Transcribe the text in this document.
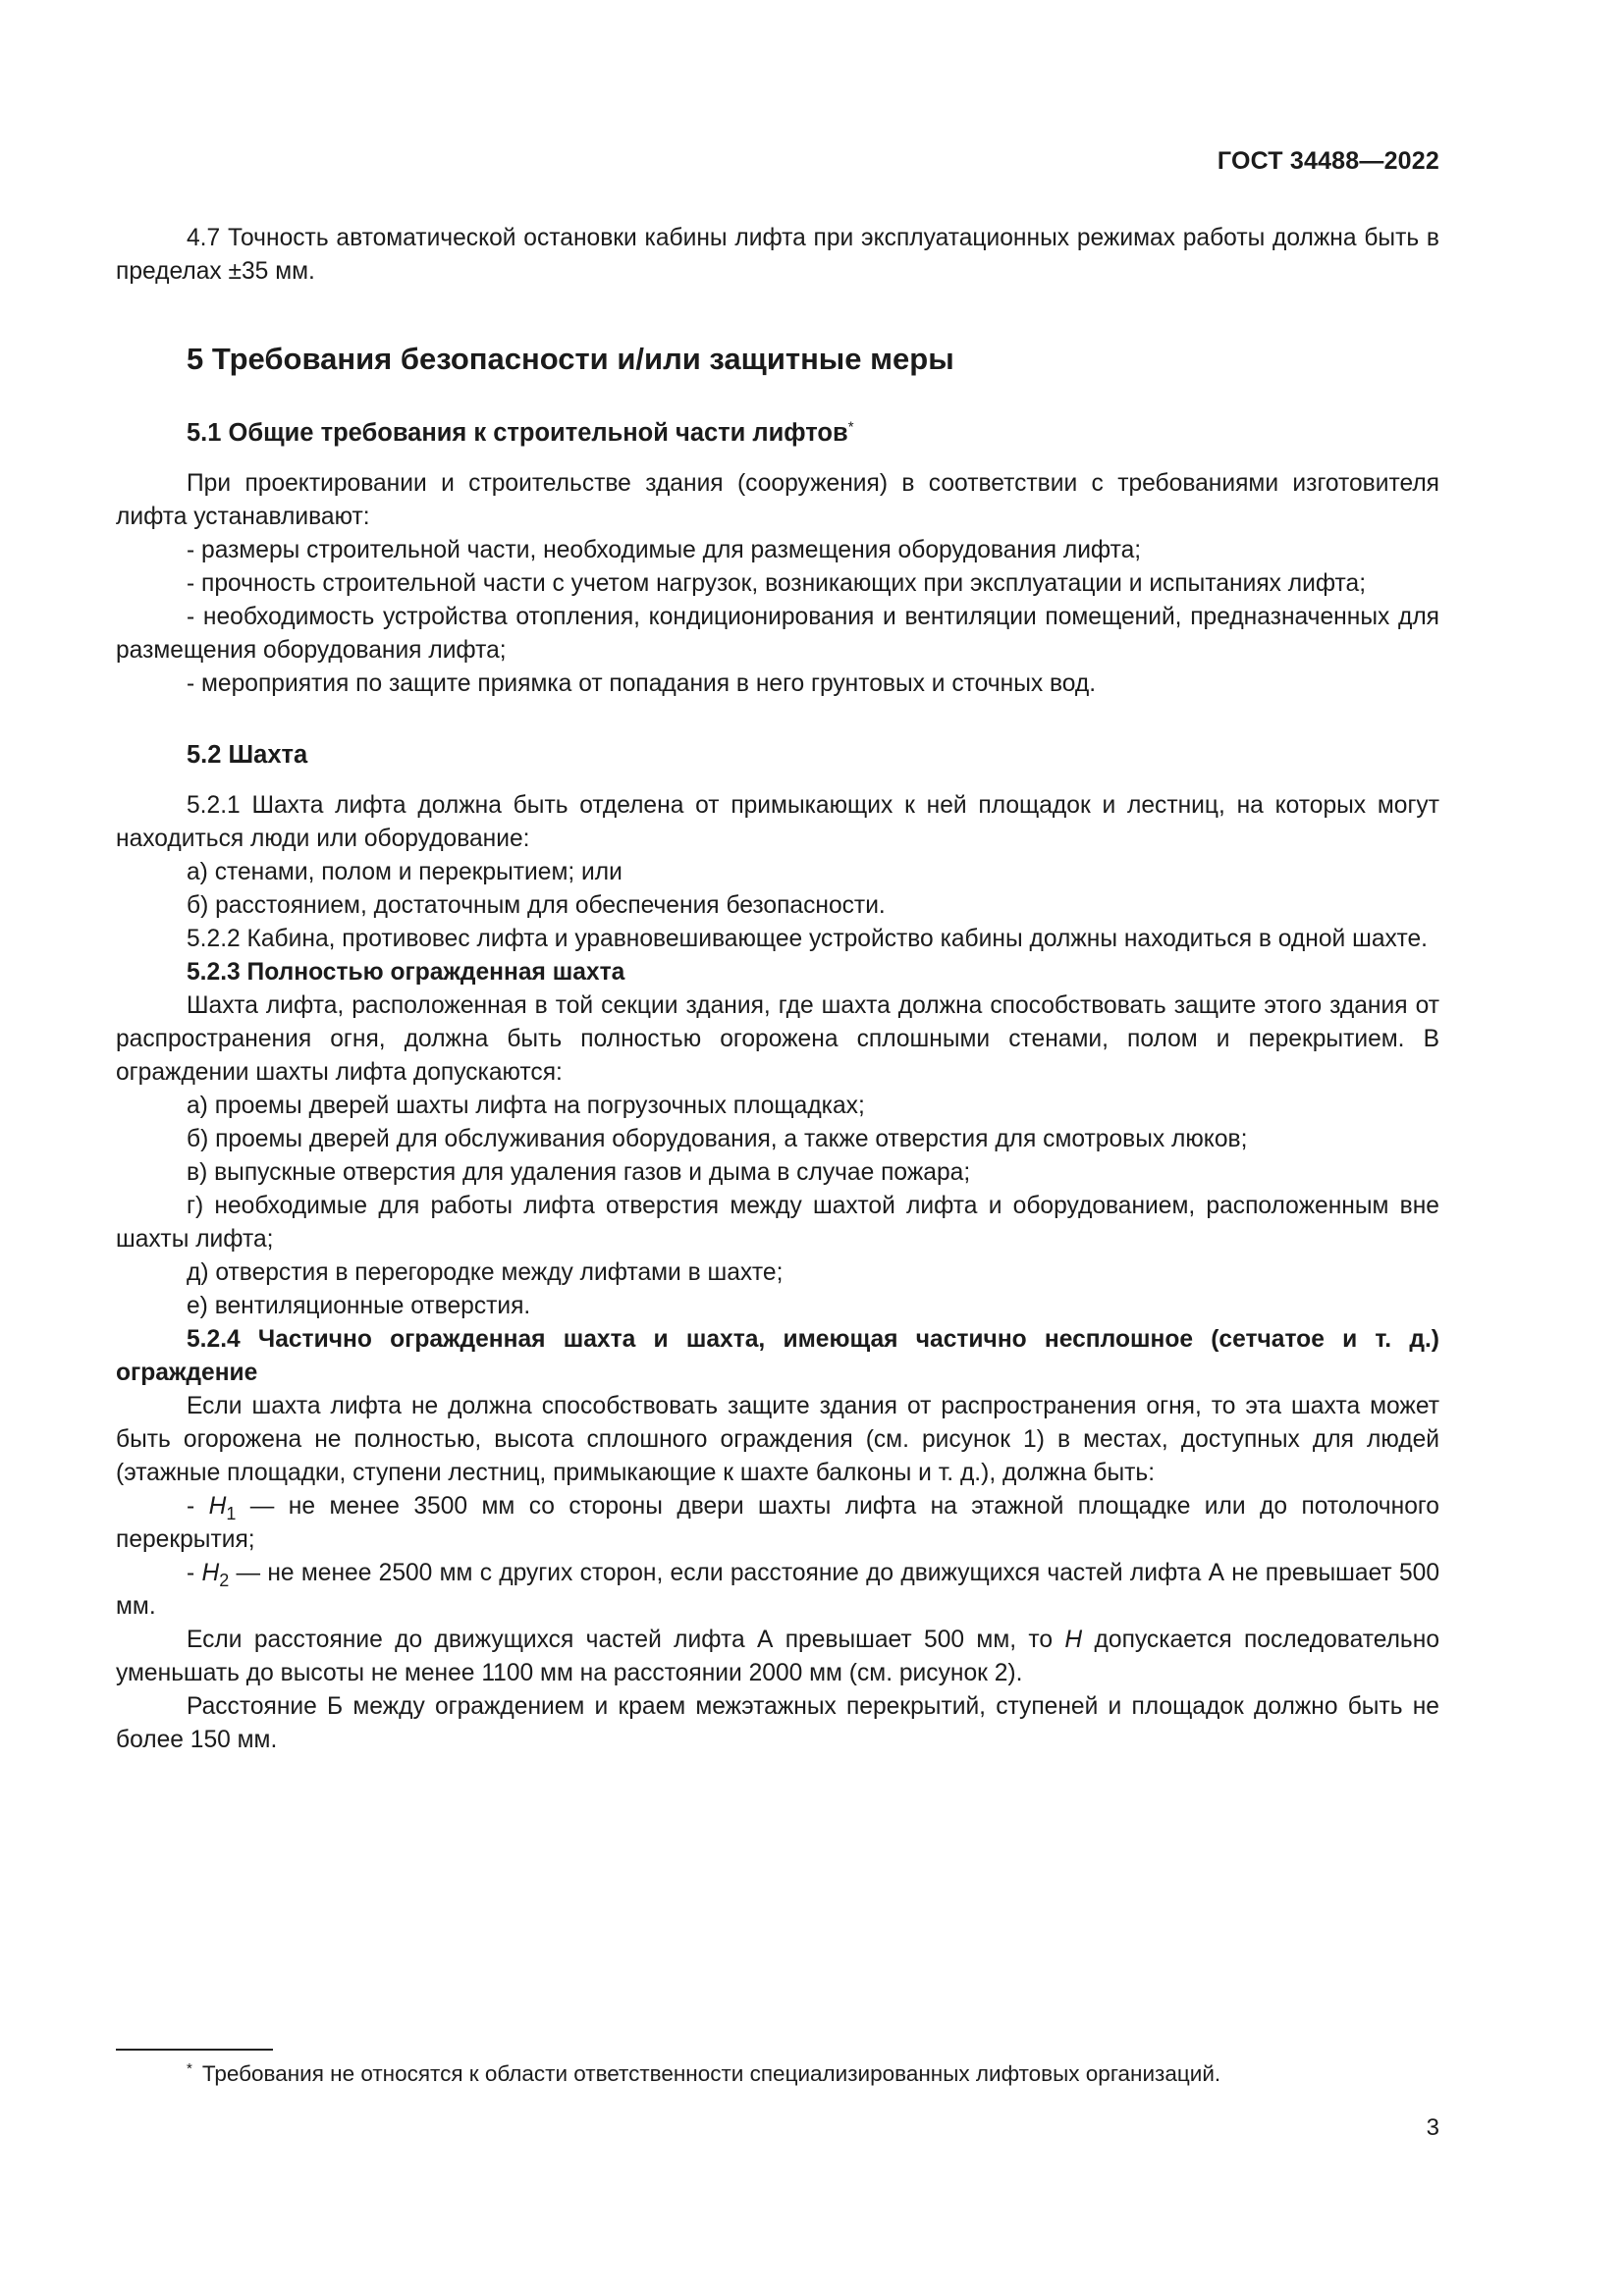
ГОСТ 34488—2022

4.7 Точность автоматической остановки кабины лифта при эксплуатационных режимах работы должна быть в пределах ±35 мм.

5 Требования безопасности и/или защитные меры
5.1 Общие требования к строительной части лифтов*

При проектировании и строительстве здания (сооружения) в соответствии с требованиями изготовителя лифта устанавливают:

- размеры строительной части, необходимые для размещения оборудования лифта;

- прочность строительной части с учетом нагрузок, возникающих при эксплуатации и испытаниях лифта;

- необходимость устройства отопления, кондиционирования и вентиляции помещений, предназначенных для размещения оборудования лифта;

- мероприятия по защите приямка от попадания в него грунтовых и сточных вод.

5.2 Шахта

5.2.1 Шахта лифта должна быть отделена от примыкающих к ней площадок и лестниц, на которых могут находиться люди или оборудование:

а) стенами, полом и перекрытием; или

б) расстоянием, достаточным для обеспечения безопасности.

5.2.2 Кабина, противовес лифта и уравновешивающее устройство кабины должны находиться в одной шахте.

5.2.3 Полностью огражденная шахта

Шахта лифта, расположенная в той секции здания, где шахта должна способствовать защите этого здания от распространения огня, должна быть полностью огорожена сплошными стенами, полом и перекрытием. В ограждении шахты лифта допускаются:

а) проемы дверей шахты лифта на погрузочных площадках;

б) проемы дверей для обслуживания оборудования, а также отверстия для смотровых люков;

в) выпускные отверстия для удаления газов и дыма в случае пожара;

г) необходимые для работы лифта отверстия между шахтой лифта и оборудованием, расположенным вне шахты лифта;

д) отверстия в перегородке между лифтами в шахте;

е) вентиляционные отверстия.

5.2.4 Частично огражденная шахта и шахта, имеющая частично несплошное (сетчатое и т. д.) ограждение

Если шахта лифта не должна способствовать защите здания от распространения огня, то эта шахта может быть огорожена не полностью, высота сплошного ограждения (см. рисунок 1) в местах, доступных для людей (этажные площадки, ступени лестниц, примыкающие к шахте балконы и т. д.), должна быть:

- $H_1$ — не менее 3500 мм со стороны двери шахты лифта на этажной площадке или до потолочного перекрытия;

- $H_2$ — не менее 2500 мм с других сторон, если расстояние до движущихся частей лифта А не превышает 500 мм.

Если расстояние до движущихся частей лифта А превышает 500 мм, то H допускается последовательно уменьшать до высоты не менее 1100 мм на расстоянии 2000 мм (см. рисунок 2).

Расстояние Б между ограждением и краем межэтажных перекрытий, ступеней и площадок должно быть не более 150 мм.

* Требования не относятся к области ответственности специализированных лифтовых организаций.
3
